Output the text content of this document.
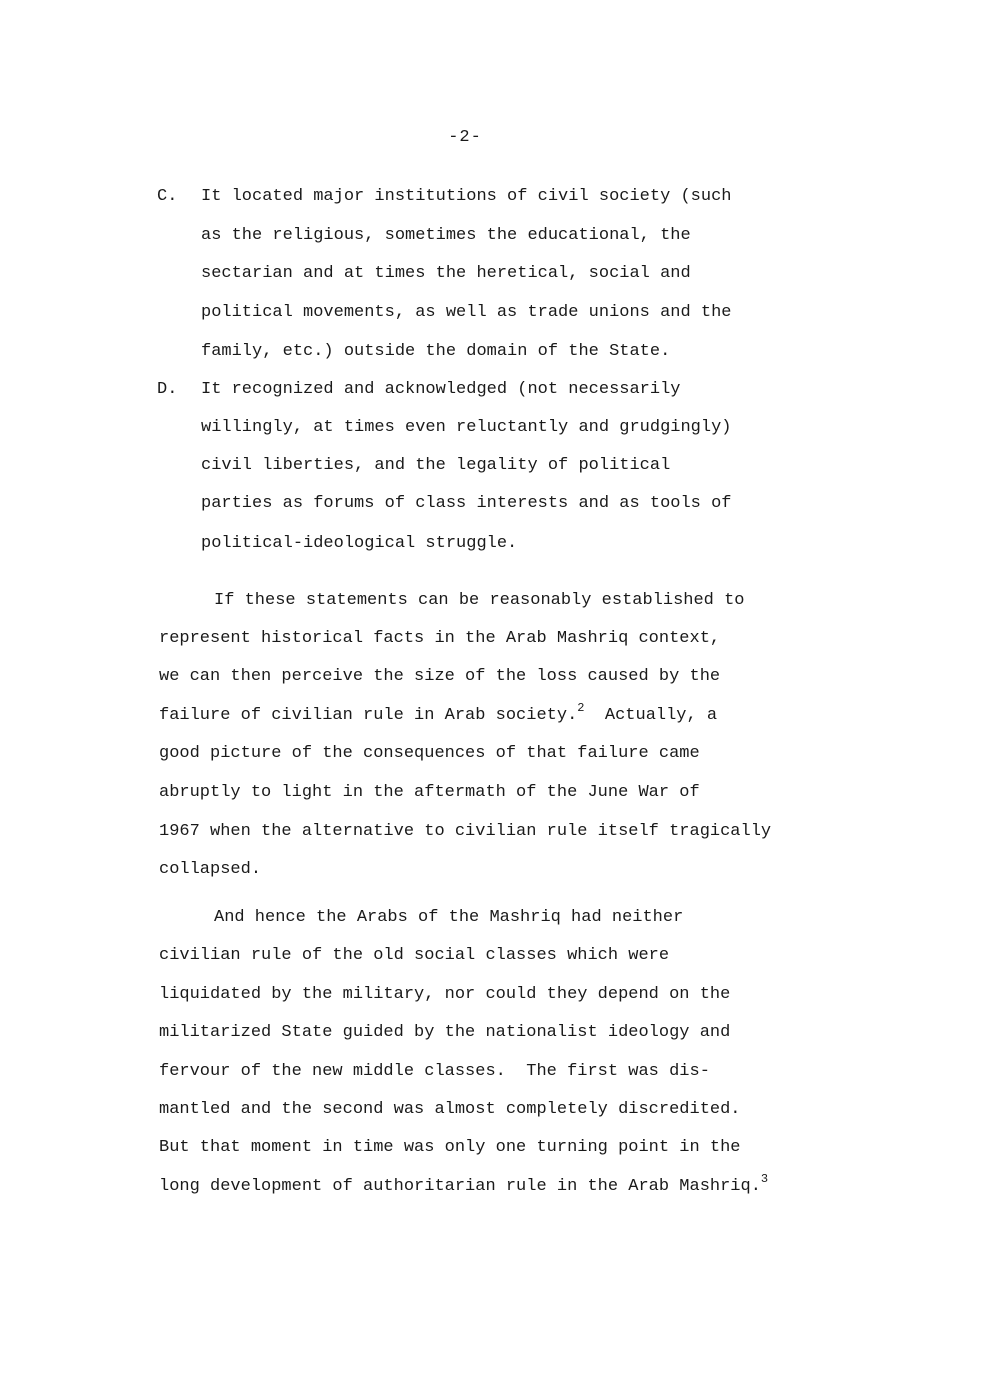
-2-
C. It located major institutions of civil society (such
as the religious, sometimes the educational, the
sectarian and at times the heretical, social and
political movements, as well as trade unions and the
family, etc.) outside the domain of the State.
D. It recognized and acknowledged (not necessarily
willingly, at times even reluctantly and grudgingly)
civil liberties, and the legality of political
parties as forums of class interests and as tools of
political-ideological struggle.
If these statements can be reasonably established to
represent historical facts in the Arab Mashriq context,
we can then perceive the size of the loss caused by the
failure of civilian rule in Arab society.$^2$  Actually, a
good picture of the consequences of that failure came
abruptly to light in the aftermath of the June War of
1967 when the alternative to civilian rule itself tragically
collapsed.
And hence the Arabs of the Mashriq had neither
civilian rule of the old social classes which were
liquidated by the military, nor could they depend on the
militarized State guided by the nationalist ideology and
fervour of the new middle classes.  The first was dis-
mantled and the second was almost completely discredited.
But that moment in time was only one turning point in the
long development of authoritarian rule in the Arab Mashriq.$^3$
